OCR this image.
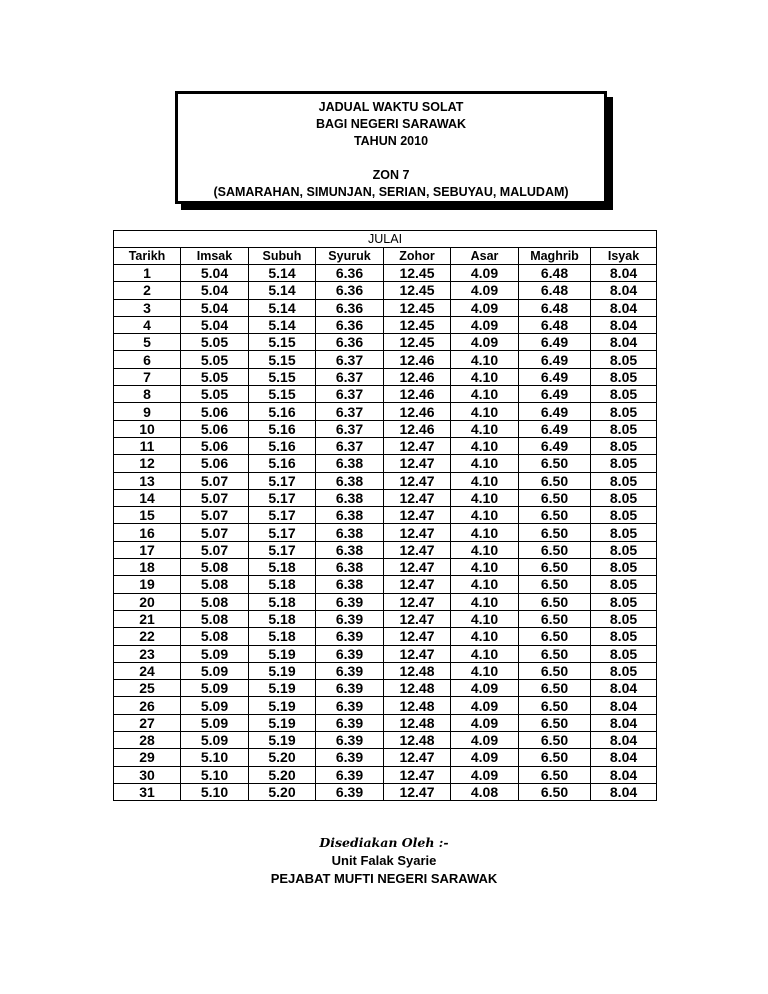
JADUAL WAKTU SOLAT
BAGI NEGERI SARAWAK
TAHUN 2010
ZON 7
(SAMARAHAN, SIMUNJAN, SERIAN, SEBUYAU, MALUDAM)
JULAI							
Tarikh	Imsak	Subuh	Syuruk	Zohor	Asar	Maghrib	Isyak
1	5.04	5.14	6.36	12.45	4.09	6.48	8.04
2	5.04	5.14	6.36	12.45	4.09	6.48	8.04
3	5.04	5.14	6.36	12.45	4.09	6.48	8.04
4	5.04	5.14	6.36	12.45	4.09	6.48	8.04
5	5.05	5.15	6.36	12.45	4.09	6.49	8.04
6	5.05	5.15	6.37	12.46	4.10	6.49	8.05
7	5.05	5.15	6.37	12.46	4.10	6.49	8.05
8	5.05	5.15	6.37	12.46	4.10	6.49	8.05
9	5.06	5.16	6.37	12.46	4.10	6.49	8.05
10	5.06	5.16	6.37	12.46	4.10	6.49	8.05
11	5.06	5.16	6.37	12.47	4.10	6.49	8.05
12	5.06	5.16	6.38	12.47	4.10	6.50	8.05
13	5.07	5.17	6.38	12.47	4.10	6.50	8.05
14	5.07	5.17	6.38	12.47	4.10	6.50	8.05
15	5.07	5.17	6.38	12.47	4.10	6.50	8.05
16	5.07	5.17	6.38	12.47	4.10	6.50	8.05
17	5.07	5.17	6.38	12.47	4.10	6.50	8.05
18	5.08	5.18	6.38	12.47	4.10	6.50	8.05
19	5.08	5.18	6.38	12.47	4.10	6.50	8.05
20	5.08	5.18	6.39	12.47	4.10	6.50	8.05
21	5.08	5.18	6.39	12.47	4.10	6.50	8.05
22	5.08	5.18	6.39	12.47	4.10	6.50	8.05
23	5.09	5.19	6.39	12.47	4.10	6.50	8.05
24	5.09	5.19	6.39	12.48	4.10	6.50	8.05
25	5.09	5.19	6.39	12.48	4.09	6.50	8.04
26	5.09	5.19	6.39	12.48	4.09	6.50	8.04
27	5.09	5.19	6.39	12.48	4.09	6.50	8.04
28	5.09	5.19	6.39	12.48	4.09	6.50	8.04
29	5.10	5.20	6.39	12.47	4.09	6.50	8.04
30	5.10	5.20	6.39	12.47	4.09	6.50	8.04
31	5.10	5.20	6.39	12.47	4.08	6.50	8.04
Disediakan Oleh :-
Unit Falak Syarie
PEJABAT MUFTI NEGERI SARAWAK
